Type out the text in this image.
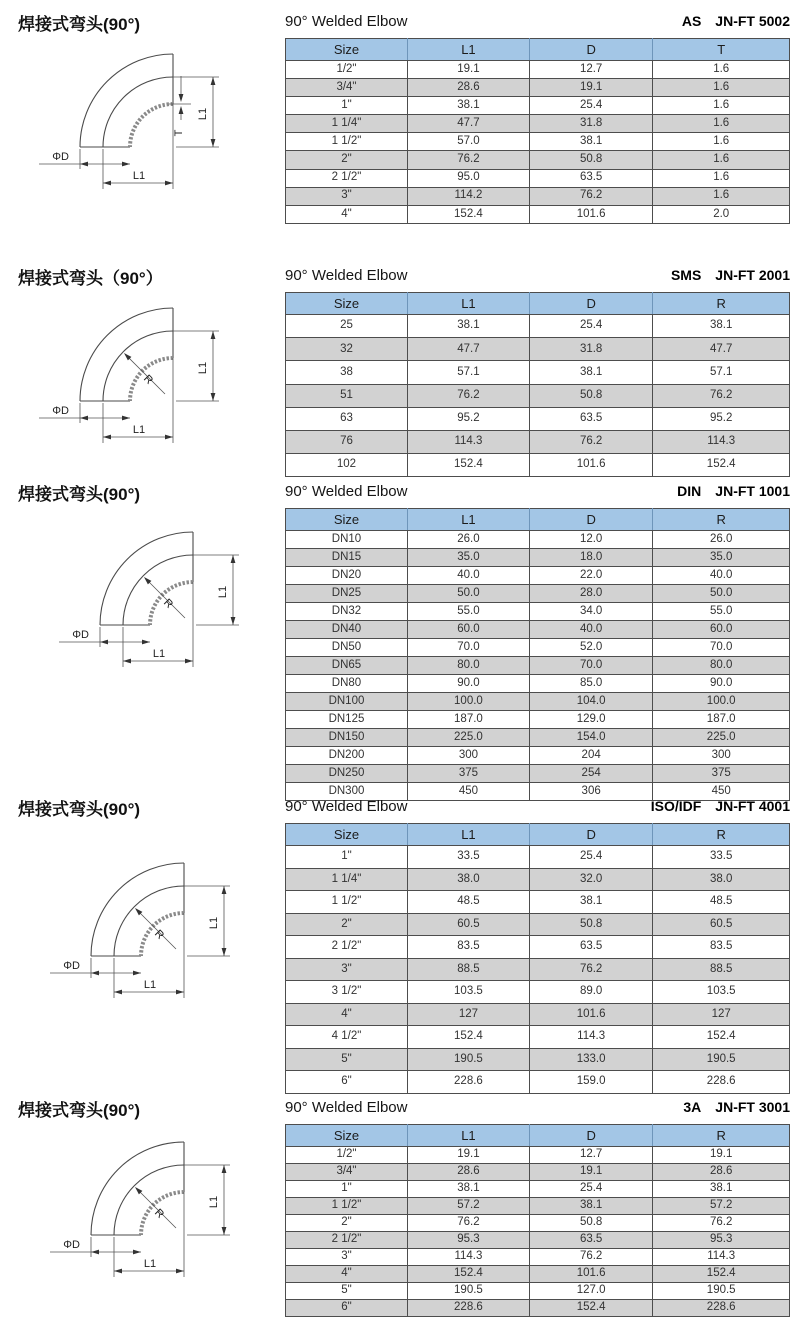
焊接式弯头(90°)
R
T
L1
L1
ΦD
90° Welded Elbow	AS JN-FT 5002
Size	L1	D	T
1/2"	19.1	12.7	1.6
3/4"	28.6	19.1	1.6
1"	38.1	25.4	1.6
1 1/4"	47.7	31.8	1.6
1 1/2"	57.0	38.1	1.6
2"	76.2	50.8	1.6
2 1/2"	95.0	63.5	1.6
3"	114.2	76.2	1.6
4"	152.4	101.6	2.0
焊接式弯头（90°）
R
T
L1
L1
ΦD
90° Welded Elbow	SMS JN-FT 2001
Size	L1	D	R
25	38.1	25.4	38.1
32	47.7	31.8	47.7
38	57.1	38.1	57.1
51	76.2	50.8	76.2
63	95.2	63.5	95.2
76	114.3	76.2	114.3
102	152.4	101.6	152.4
焊接式弯头(90°)
R
T
L1
L1
ΦD
90° Welded Elbow	DIN JN-FT 1001
Size	L1	D	R
DN10	26.0	12.0	26.0
DN15	35.0	18.0	35.0
DN20	40.0	22.0	40.0
DN25	50.0	28.0	50.0
DN32	55.0	34.0	55.0
DN40	60.0	40.0	60.0
DN50	70.0	52.0	70.0
DN65	80.0	70.0	80.0
DN80	90.0	85.0	90.0
DN100	100.0	104.0	100.0
DN125	187.0	129.0	187.0
DN150	225.0	154.0	225.0
DN200	300	204	300
DN250	375	254	375
DN300	450	306	450
焊接式弯头(90°)
R
T
L1
L1
ΦD
90° Welded Elbow	ISO/IDF JN-FT 4001
Size	L1	D	R
1"	33.5	25.4	33.5
1 1/4"	38.0	32.0	38.0
1 1/2"	48.5	38.1	48.5
2"	60.5	50.8	60.5
2 1/2"	83.5	63.5	83.5
3"	88.5	76.2	88.5
3 1/2"	103.5	89.0	103.5
4"	127	101.6	127
4 1/2"	152.4	114.3	152.4
5"	190.5	133.0	190.5
6"	228.6	159.0	228.6
焊接式弯头(90°)
R
T
L1
L1
ΦD
90° Welded Elbow	3A JN-FT 3001
Size	L1	D	R
1/2"	19.1	12.7	19.1
3/4"	28.6	19.1	28.6
1"	38.1	25.4	38.1
1 1/2"	57.2	38.1	57.2
2"	76.2	50.8	76.2
2 1/2"	95.3	63.5	95.3
3"	114.3	76.2	114.3
4"	152.4	101.6	152.4
5"	190.5	127.0	190.5
6"	228.6	152.4	228.6
